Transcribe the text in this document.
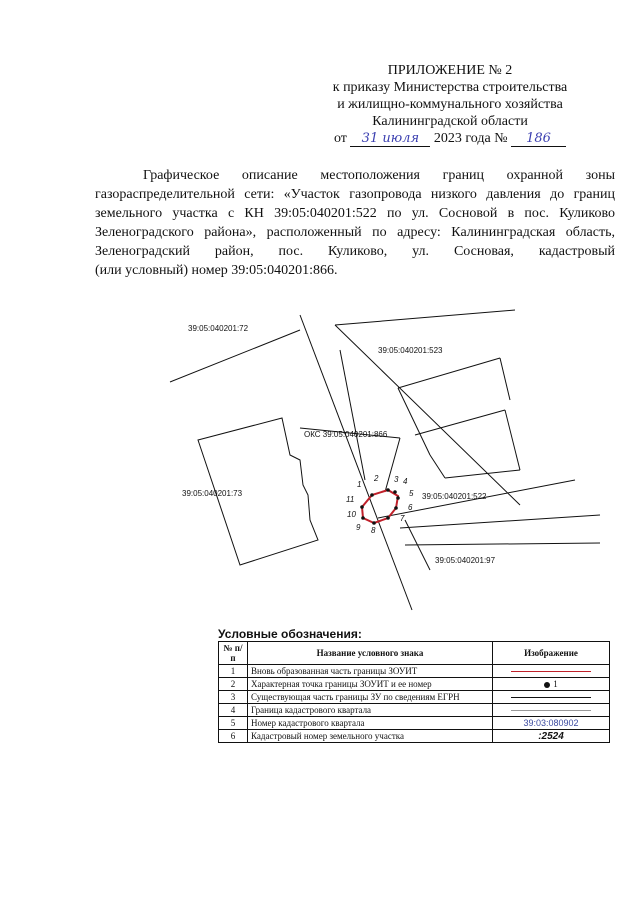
ПРИЛОЖЕНИЕ № 2
к приказу Министерства строительства
и жилищно-коммунального хозяйства
Калининградской области
от 31 июля 2023 года № 186
Графическое описание местоположения границ охранной зоны
газораспределительной сети: «Участок газопровода низкого давления до границ
земельного участка с КН 39:05:040201:522 по ул. Сосновой в пос. Куликово
Зеленоградского района», расположенный по адресу: Калининградская область,
Зеленоградский район, пос. Куликово, ул. Сосновая, кадастровый
(или условный) номер 39:05:040201:866.
39:05:040201:72
39:05:040201:523
39:05:040201:73	39:05:040201:522
39:05:040201:97
ОКС 39:05:040201:866
1
2 3 4
5
6
7
8
9
10
11
Условные обозначения:
№ п/п	Название условного знака	Изображение
1	Вновь образованная часть границы ЗОУИТ	
2	Характерная точка границы ЗОУИТ и ее номер	1
3	Существующая часть границы ЗУ по сведениям ЕГРН	
4	Граница кадастрового квартала	
5	Номер кадастрового квартала	39:03:080902
6	Кадастровый номер земельного участка	:2524
